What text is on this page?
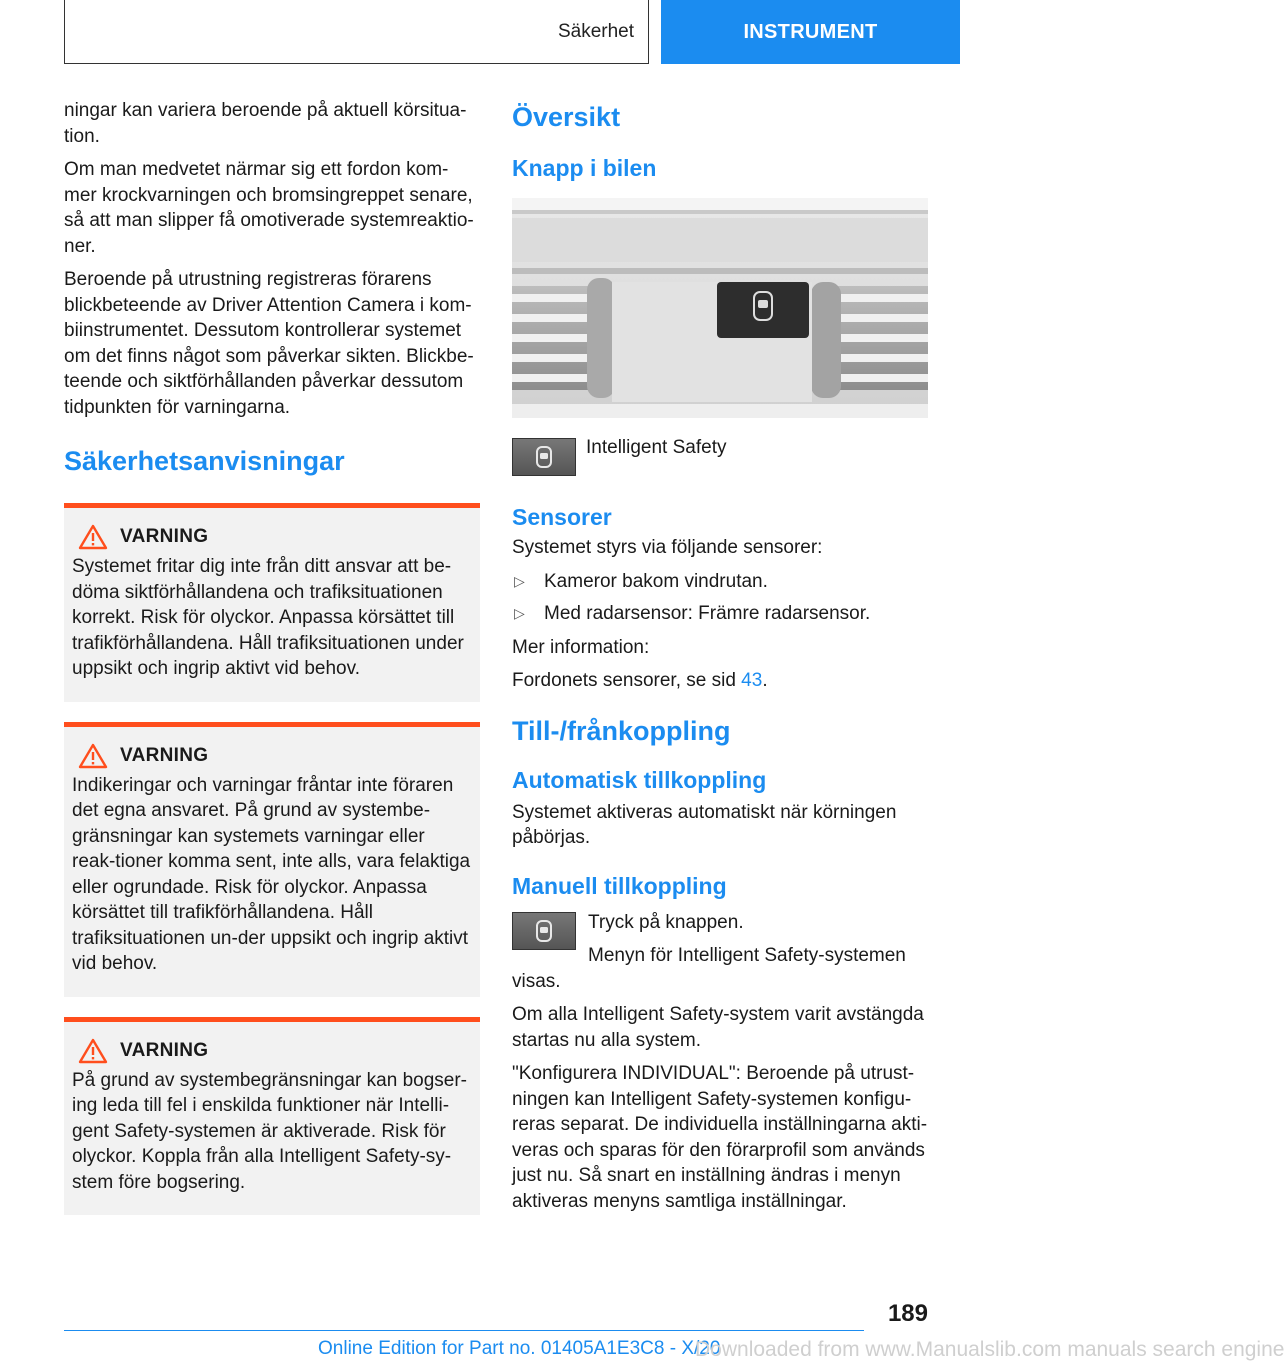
Säkerhet	INSTRUMENT

ningar kan variera beroende på aktuell körsitua-tion.

Om man medvetet närmar sig ett fordon kom-mer krockvarningen och bromsingreppet senare, så att man slipper få omotiverade systemreaktio-ner.

Beroende på utrustning registreras förarens blickbeteende av Driver Attention Camera i kom-biinstrumentet. Dessutom kontrollerar systemet om det finns något som påverkar sikten. Blickbe-teende och siktförhållanden påverkar dessutom tidpunkten för varningarna.

Säkerhetsanvisningar
VARNING

Systemet fritar dig inte från ditt ansvar att be-döma siktförhållandena och trafiksituationen korrekt. Risk för olyckor. Anpassa körsättet till trafikförhållandena. Håll trafiksituationen under uppsikt och ingrip aktivt vid behov.

VARNING

Indikeringar och varningar fråntar inte föraren det egna ansvaret. På grund av systembe-gränsningar kan systemets varningar eller reak-tioner komma sent, inte alls, vara felaktiga eller ogrundade. Risk för olyckor. Anpassa körsättet till trafikförhållandena. Håll trafiksituationen un-der uppsikt och ingrip aktivt vid behov.

VARNING

På grund av systembegränsningar kan bogser-ing leda till fel i enskilda funktioner när Intelli-gent Safety-systemen är aktiverade. Risk för olyckor. Koppla från alla Intelligent Safety-sy-stem före bogsering.

Översikt
Knapp i bilen

Intelligent Safety

Sensorer

Systemet styrs via följande sensorer:

▷	Kameror bakom vindrutan.
▷	Med radarsensor: Främre radarsensor.

Mer information:

Fordonets sensorer, se sid 43.

Till-/frånkoppling
Automatisk tillkoppling

Systemet aktiveras automatiskt när körningen påbörjas.

Manuell tillkoppling

Tryck på knappen.

Menyn för Intelligent Safety-systemen visas.

Om alla Intelligent Safety-system varit avstängda startas nu alla system.

"Konfigurera INDIVIDUAL": Beroende på utrust-ningen kan Intelligent Safety-systemen konfigu-reras separat. De individuella inställningarna akti-veras och sparas för den förarprofil som används just nu. Så snart en inställning ändras i menyn aktiveras menyns samtliga inställningar.

189
Online Edition for Part no. 01405A1E3C8 - X/20
Downloaded from www.Manualslib.com manuals search engine
